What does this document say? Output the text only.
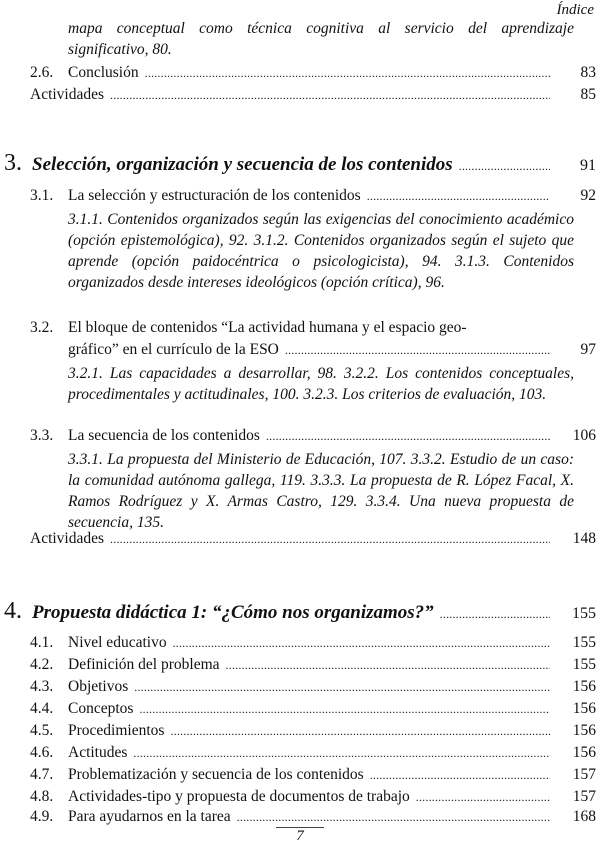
Índice
mapa conceptual como técnica cognitiva al servicio del aprendizaje significativo, 80.
2.6. Conclusión . . .	83
Actividades . . .	85
3. Selección, organización y secuencia de los contenidos . . .	91
3.1. La selección y estructuración de los contenidos . . .	92
3.1.1. Contenidos organizados según las exigencias del conocimiento académico (opción epistemológica), 92. 3.1.2. Contenidos organizados según el sujeto que aprende (opción paidocéntrica o psicologicista), 94. 3.1.3. Contenidos organizados desde intereses ideológicos (opción crítica), 96.
3.2. El bloque de contenidos “La actividad humana y el espacio geo-
gráfico” en el currículo de la ESO . . .	97
3.2.1. Las capacidades a desarrollar, 98. 3.2.2. Los contenidos conceptuales, procedimentales y actitudinales, 100. 3.2.3. Los criterios de evaluación, 103.
3.3. La secuencia de los contenidos . . .	106
3.3.1. La propuesta del Ministerio de Educación, 107. 3.3.2. Estudio de un caso: la comunidad autónoma gallega, 119. 3.3.3. La propuesta de R. López Facal, X. Ramos Rodríguez y X. Armas Castro, 129. 3.3.4. Una nueva propuesta de secuencia, 135.
Actividades . . .	148
4. Propuesta didáctica 1: “¿Cómo nos organizamos?” . . .	155
4.1. Nivel educativo . . .	155
4.2. Definición del problema . . .	155
4.3. Objetivos . . .	156
4.4. Conceptos . . .	156
4.5. Procedimientos . . .	156
4.6. Actitudes . . .	156
4.7. Problematización y secuencia de los contenidos . . .	157
4.8. Actividades-tipo y propuesta de documentos de trabajo . . .	157
4.9. Para ayudarnos en la tarea . . .	168
7
